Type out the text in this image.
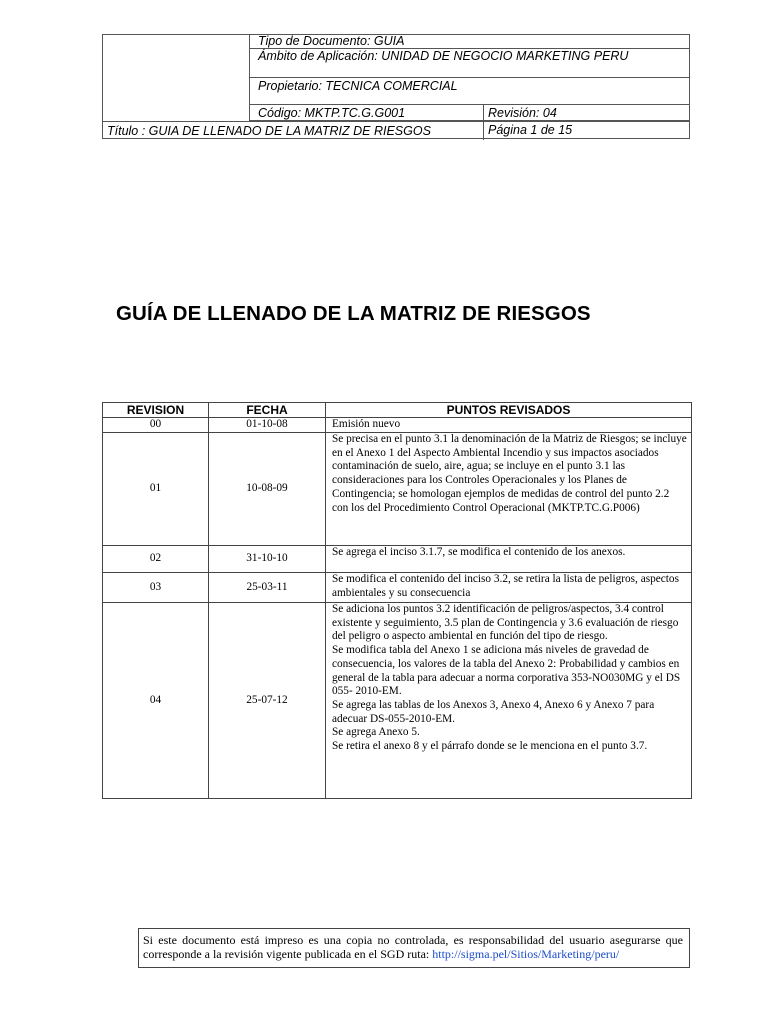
Tipo de Documento: GUIA
Ámbito de Aplicación: UNIDAD DE NEGOCIO MARKETING PERU
Propietario: TECNICA COMERCIAL
Código: MKTP.TC.G.G001	Revisión: 04
Título : GUIA DE LLENADO DE LA MATRIZ DE RIESGOS	Página 1 de 15
GUÍA DE LLENADO DE LA MATRIZ DE RIESGOS
REVISION	FECHA	PUNTOS REVISADOS
00	01-10-08	Emisión nuevo
01	10-08-09	Se precisa en el punto 3.1 la denominación de la Matriz de Riesgos; se incluye en el Anexo 1 del Aspecto Ambiental Incendio y sus impactos asociados contaminación de suelo, aire, agua; se incluye en el punto 3.1 las consideraciones para los Controles Operacionales y los Planes de Contingencia; se homologan ejemplos de medidas de control del punto 2.2 con los del Procedimiento Control Operacional (MKTP.TC.G.P006)
02	31-10-10	Se agrega el inciso 3.1.7, se modifica el contenido de los anexos.
03	25-03-11	Se modifica el contenido del inciso 3.2, se retira la lista de peligros, aspectos ambientales y su consecuencia
04	25-07-12	Se adiciona los puntos 3.2 identificación de peligros/aspectos, 3.4 control existente y seguimiento, 3.5 plan de Contingencia y 3.6 evaluación de riesgo del peligro o aspecto ambiental en función del tipo de riesgo.
Se modifica tabla del Anexo 1 se adiciona más niveles de gravedad de consecuencia, los valores de la tabla del Anexo 2: Probabilidad y cambios en general de la tabla para adecuar a norma corporativa 353-NO030MG y el DS 055- 2010-EM.
Se agrega las tablas de los Anexos 3, Anexo 4, Anexo 6 y Anexo 7 para adecuar DS-055-2010-EM.
Se agrega Anexo 5.
Se retira el anexo 8 y el párrafo donde se le menciona en el punto 3.7.
Si este documento está impreso es una copia no controlada, es responsabilidad del usuario asegurarse que corresponde a la revisión vigente publicada en el SGD ruta: http://sigma.pel/Sitios/Marketing/peru/
